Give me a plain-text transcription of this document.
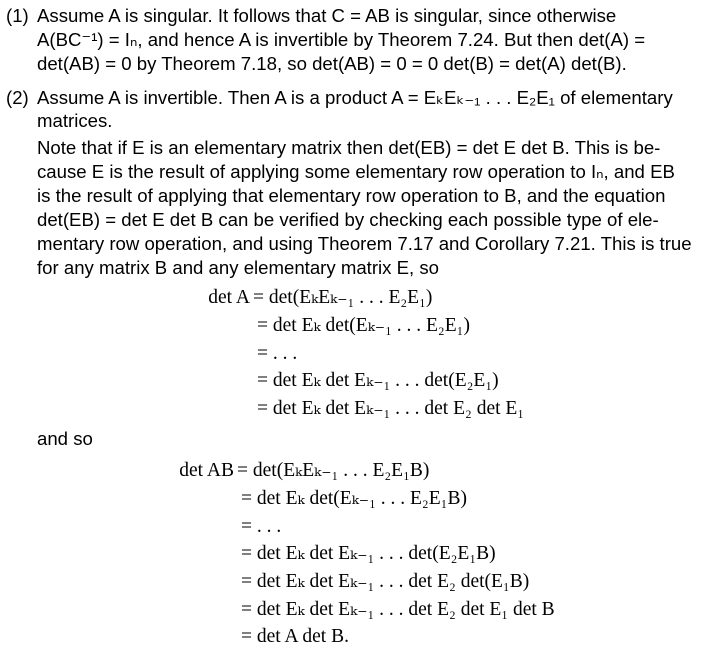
(1) Assume A is singular. It follows that C = AB is singular, since otherwise
A(BC⁻¹) = Iₙ, and hence A is invertible by Theorem 7.24. But then det(A) =
det(AB) = 0 by Theorem 7.18, so det(AB) = 0 = 0 det(B) = det(A) det(B).
(2) Assume A is invertible. Then A is a product A = EₖEₖ₋₁ . . . E₂E₁ of elementary
matrices.
Note that if E is an elementary matrix then det(EB) = det E det B. This is be-
cause E is the result of applying some elementary row operation to Iₙ, and EB
is the result of applying that elementary row operation to B, and the equation
det(EB) = det E det B can be verified by checking each possible type of ele-
mentary row operation, and using Theorem 7.17 and Corollary 7.21. This is true
for any matrix B and any elementary matrix E, so
det A = det(EₖEₖ₋₁ . . . E₂E₁)
= det Eₖ det(Eₖ₋₁ . . . E₂E₁)
= . . .
= det Eₖ det Eₖ₋₁ . . . det(E₂E₁)
= det Eₖ det Eₖ₋₁ . . . det E₂ det E₁
and so
det AB = det(EₖEₖ₋₁ . . . E₂E₁B)
= det Eₖ det(Eₖ₋₁ . . . E₂E₁B)
= . . .
= det Eₖ det Eₖ₋₁ . . . det(E₂E₁B)
= det Eₖ det Eₖ₋₁ . . . det E₂ det(E₁B)
= det Eₖ det Eₖ₋₁ . . . det E₂ det E₁ det B
= det A det B.
